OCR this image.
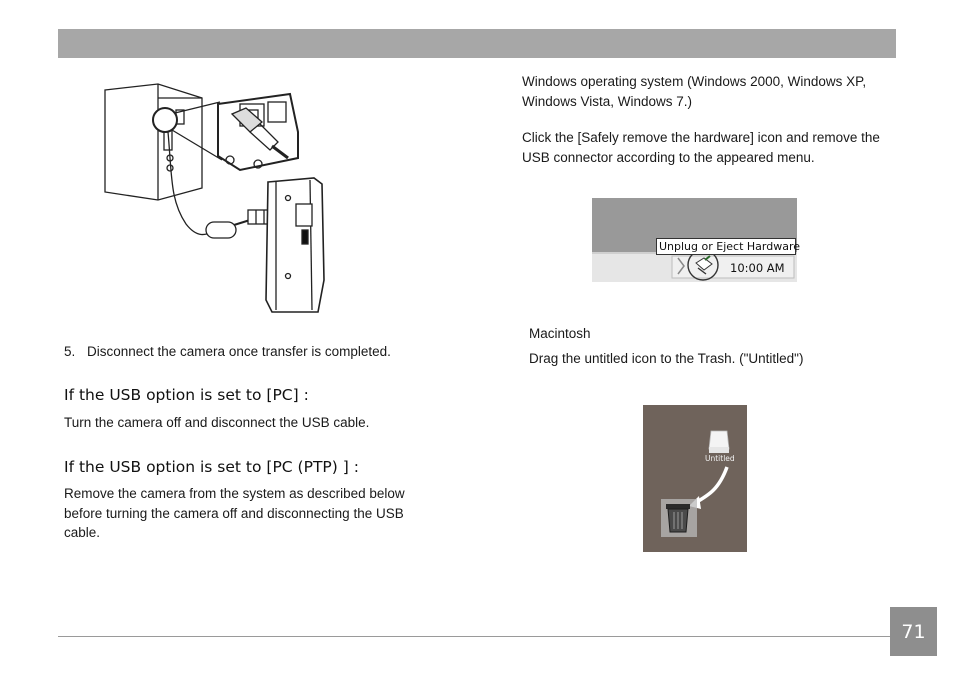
5. Disconnect the camera once transfer is completed.
If the USB option is set to [PC] :
Turn the camera off and disconnect the USB cable.
If the USB option is set to [PC (PTP) ] :
Remove the camera from the system as described below before turning the camera off and disconnecting the USB cable.
Windows operating system (Windows 2000, Windows XP, Windows Vista, Windows 7.)
Click the [Safely remove the hardware] icon and remove the USB connector according to the appeared menu.
Unplug or Eject Hardware
10:00 AM
Macintosh
Drag the untitled icon to the Trash. ("Untitled")
Untitled
71
